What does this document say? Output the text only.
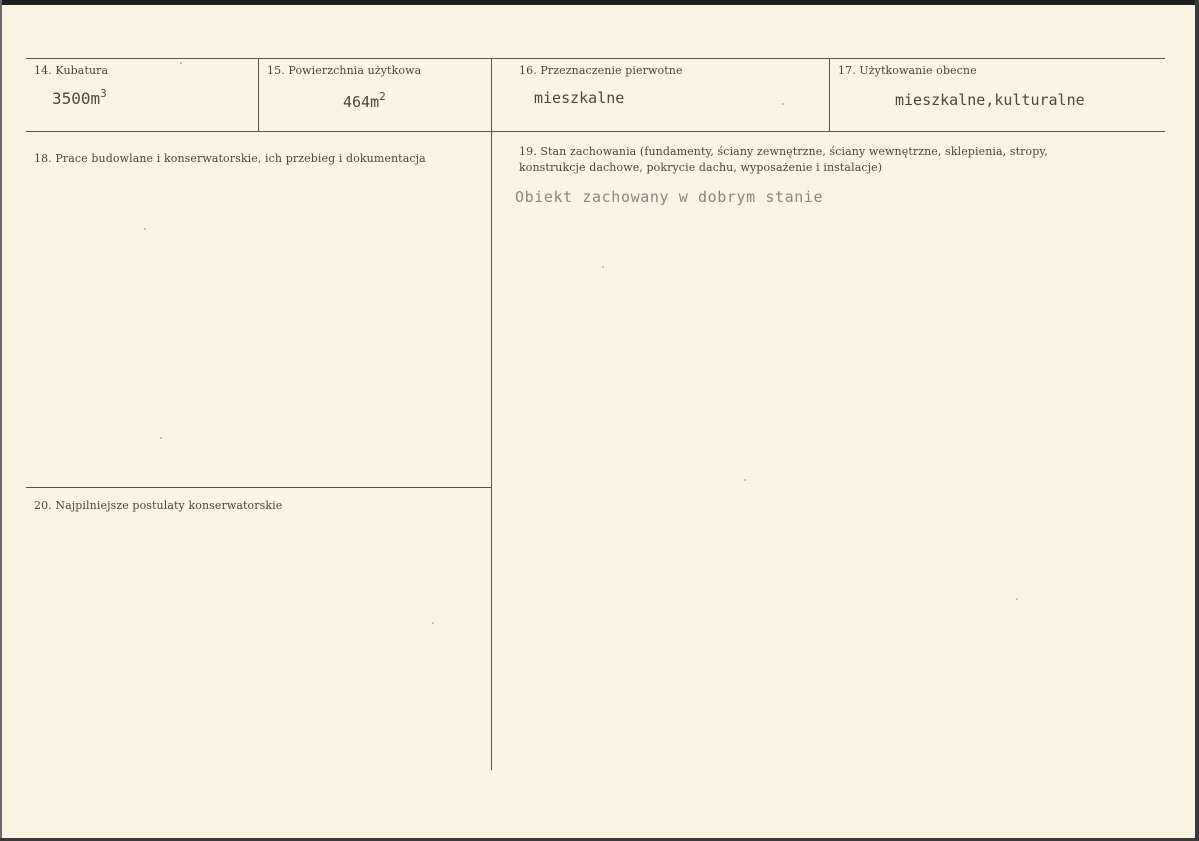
14. Kubatura
$3500m^3$
15. Powierzchnia użytkowa
$464m^2$
16. Przeznaczenie pierwotne
mieszkalne
17. Użytkowanie obecne
mieszkalne,kulturalne
18. Prace budowlane i konserwatorskie, ich przebieg i dokumentacja
19. Stan zachowania (fundamenty, ściany zewnętrzne, ściany wewnętrzne, sklepienia, stropy, konstrukcje dachowe, pokrycie dachu, wyposażenie i instalacje)
Obiekt zachowany w dobrym stanie
20. Najpilniejsze postulaty konserwatorskie
